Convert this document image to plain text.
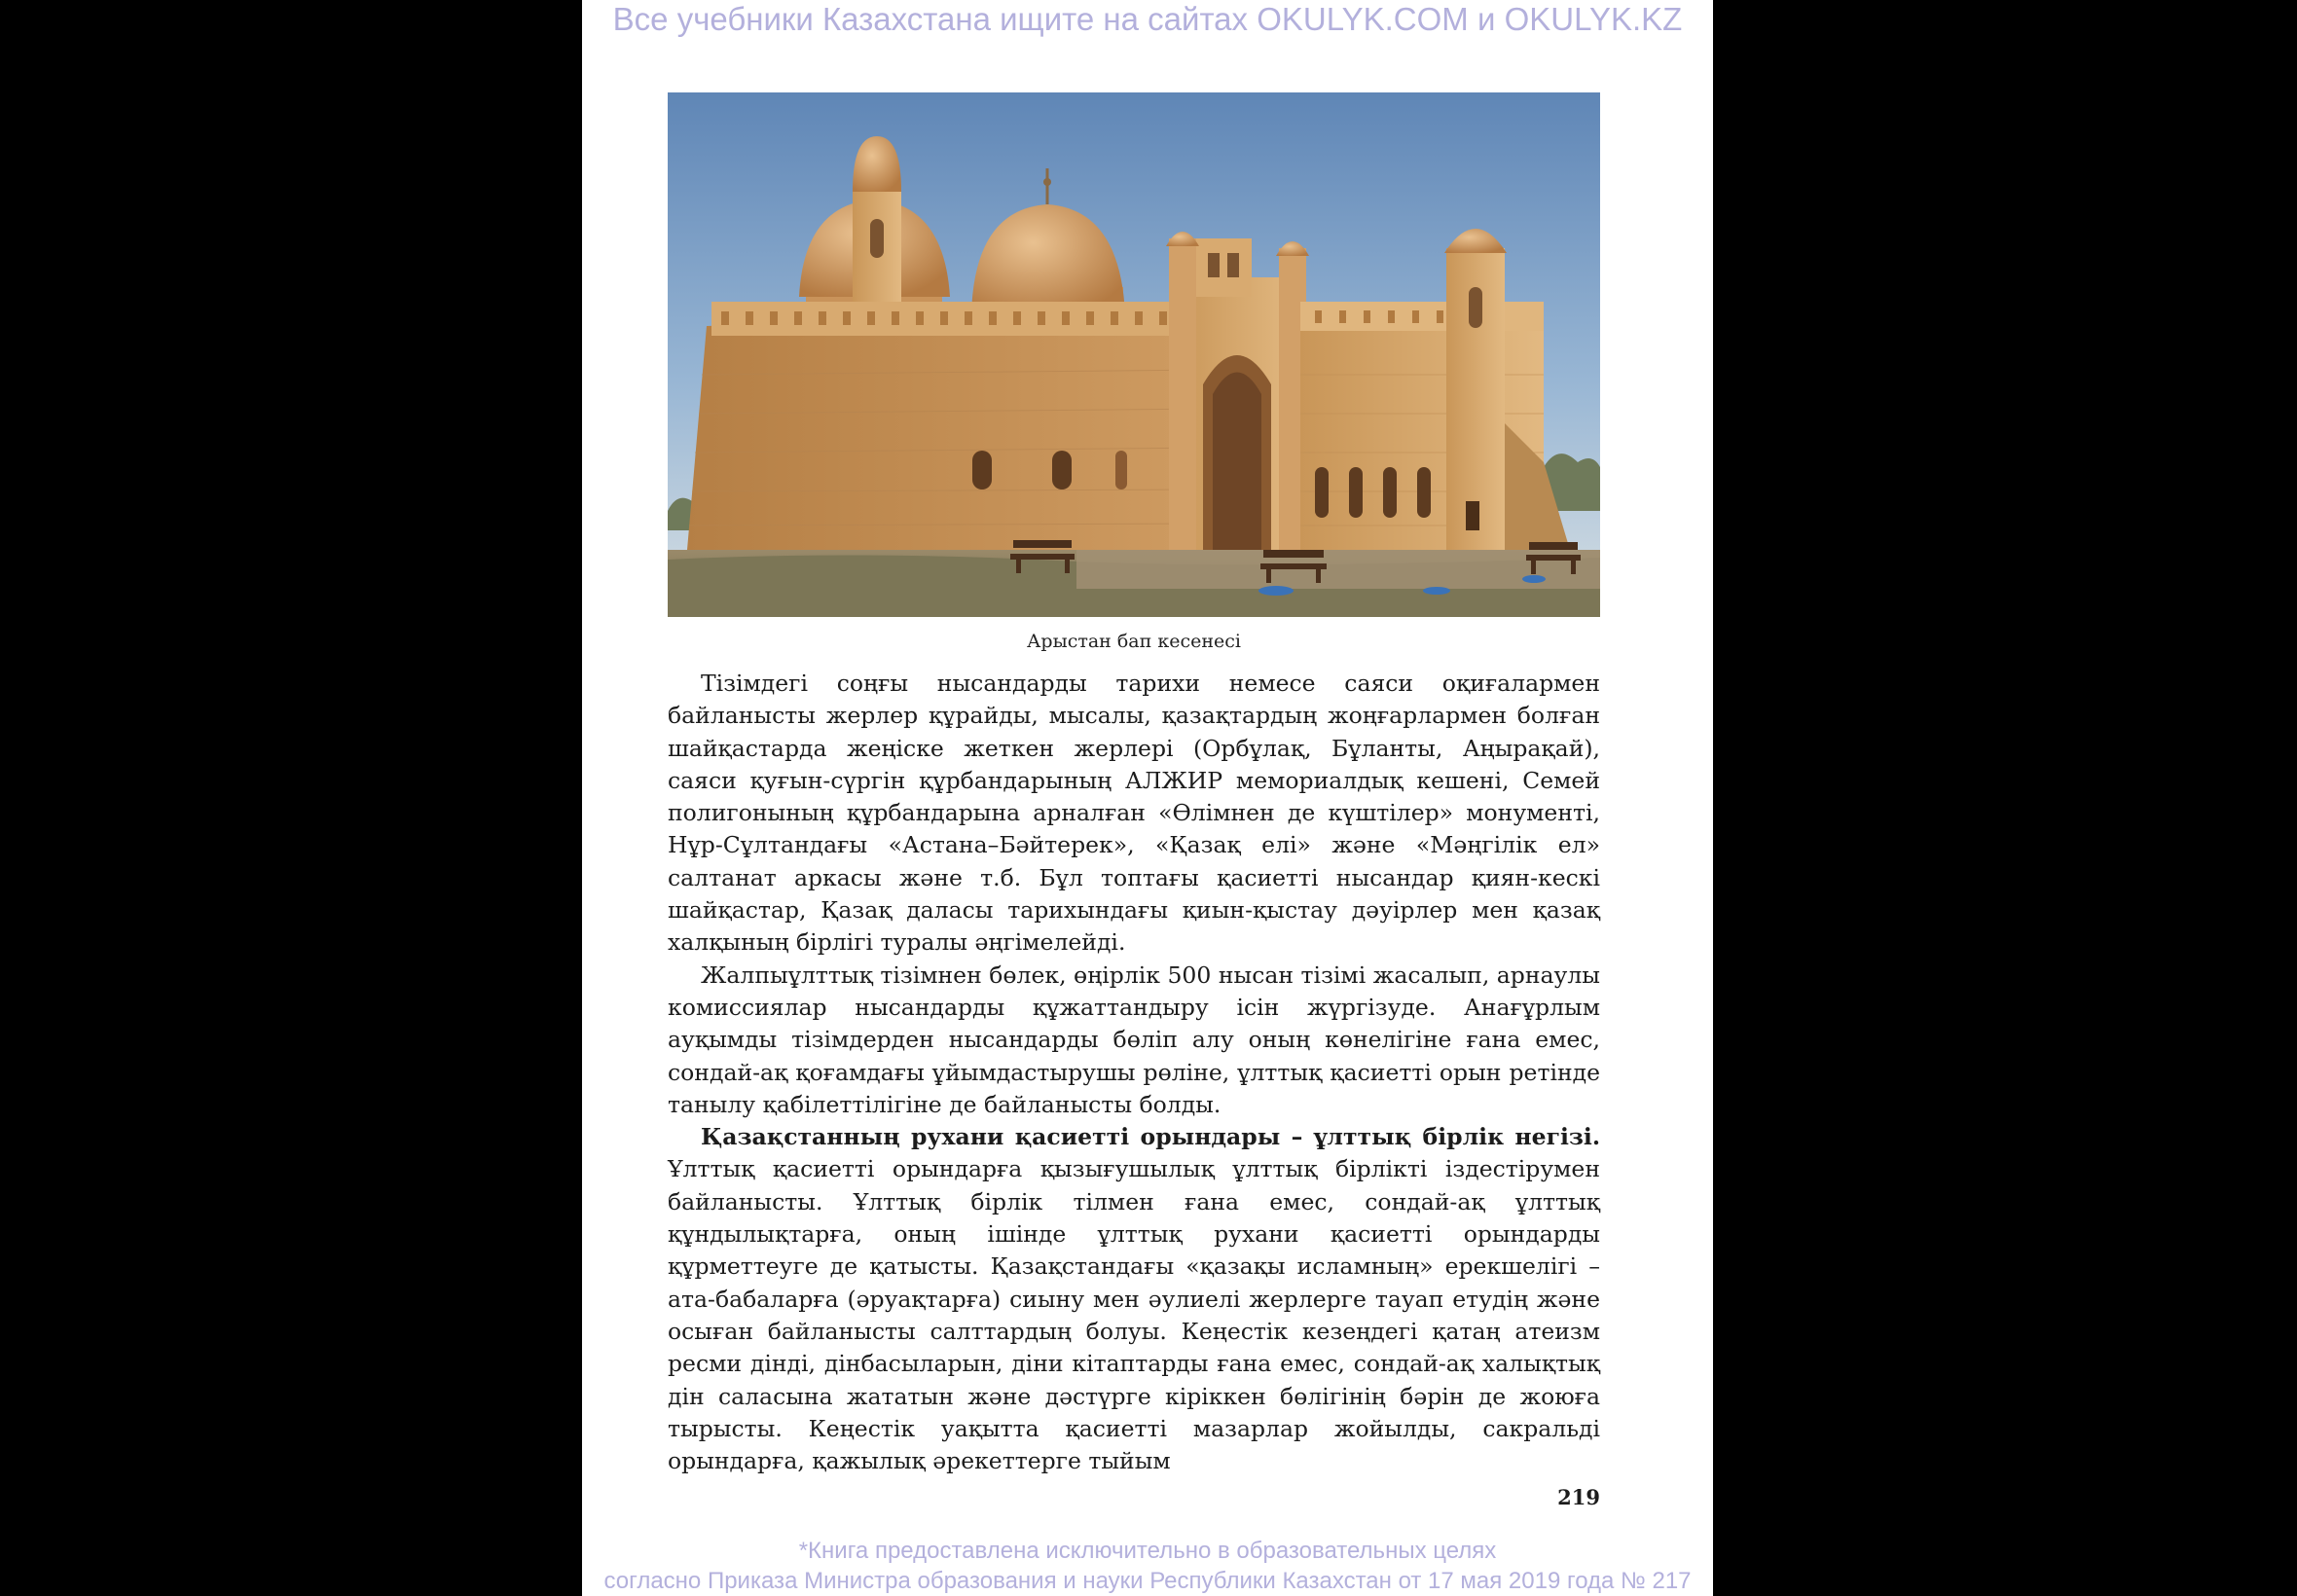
Все учебники Казахстана ищите на сайтах OKULYK.COM и OKULYK.KZ
Арыстан бап кесенесі

Тізімдегі соңғы нысандарды тарихи немесе саяси оқиғалармен байланысты жерлер құрайды, мысалы, қазақтардың жоңғарлармен болған шайқастарда жеңіске жеткен жерлері (Орбұлақ, Бұланты, Аңырақай), саяси қуғын-сүргін құрбандарының АЛЖИР мемориалдық кешені, Семей полигонының құрбандарына арналған «Өлімнен де күштілер» монументі, Нұр-Сұлтандағы «Астана–Бәйтерек», «Қазақ елі» және «Мәңгілік ел» салтанат аркасы және т.б. Бұл топтағы қасиетті нысандар қиян-кескі шайқастар, Қазақ даласы тарихындағы қиын-қыстау дәуірлер мен қазақ халқының бірлігі туралы әңгімелейді.

Жалпыұлттық тізімнен бөлек, өңірлік 500 нысан тізімі жасалып, арнаулы комиссиялар нысандарды құжаттандыру ісін жүргізуде. Анағұрлым ауқымды тізімдерден нысандарды бөліп алу оның көнелігіне ғана емес, сондай-ақ қоғамдағы ұйымдастырушы рөліне, ұлттық қасиетті орын ретінде танылу қабілеттілігіне де байланысты болды.

Қазақстанның рухани қасиетті орындары – ұлттық бірлік негізі. Ұлттық қасиетті орындарға қызығушылық ұлттық бірлікті іздестірумен байланысты. Ұлттық бірлік тілмен ғана емес, сондай-ақ ұлттық құндылықтарға, оның ішінде ұлттық рухани қасиетті орындарды құрметтеуге де қатысты. Қазақстандағы «қазақы исламның» ерекшелігі – ата-бабаларға (әруақтарға) сиыну мен әулиелі жерлерге тауап етудің және осыған байланысты салттардың болуы. Кеңестік кезеңдегі қатаң атеизм ресми дінді, дінбасыларын, діни кітаптарды ғана емес, сондай-ақ халықтық дін саласына жататын және дәстүрге кіріккен бөлігінің бәрін де жоюға тырысты. Кеңестік уақытта қасиетті мазарлар жойылды, сакральді орындарға, қажылық әрекеттерге тыйым

219
*Книга предоставлена исключительно в образовательных целях
согласно Приказа Министра образования и науки Республики Казахстан от 17 мая 2019 года № 217
